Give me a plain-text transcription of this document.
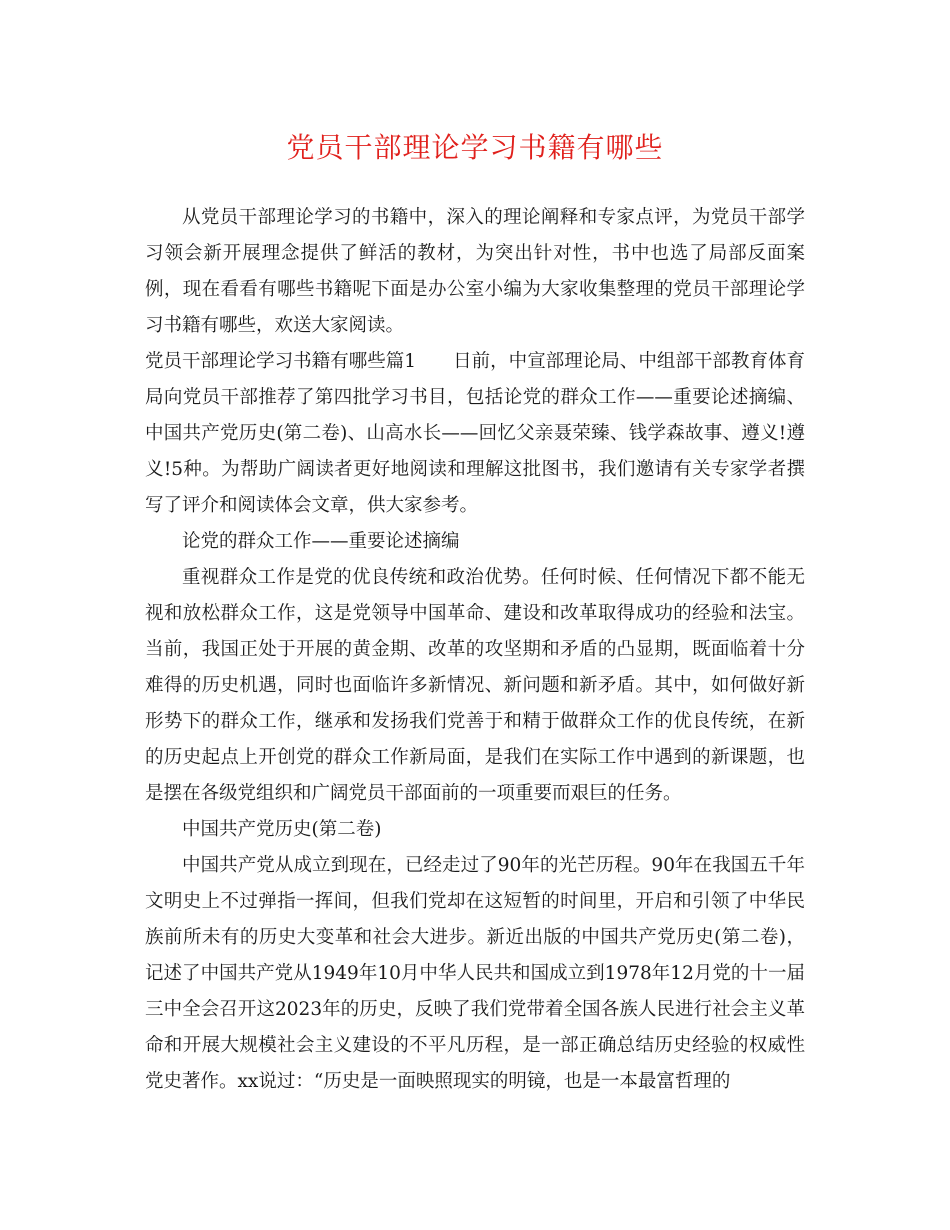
党员干部理论学习书籍有哪些

从党员干部理论学习的书籍中，深入的理论阐释和专家点评，为党员干部学习领会新开展理念提供了鲜活的教材，为突出针对性，书中也选了局部反面案例，现在看看有哪些书籍呢下面是办公室小编为大家收集整理的党员干部理论学习书籍有哪些，欢送大家阅读。

党员干部理论学习书籍有哪些篇1　　日前，中宣部理论局、中组部干部教育体育局向党员干部推荐了第四批学习书目，包括论党的群众工作——重要论述摘编、中国共产党历史(第二卷)、山高水长——回忆父亲聂荣臻、钱学森故事、遵义!遵义!5种。为帮助广阔读者更好地阅读和理解这批图书，我们邀请有关专家学者撰写了评介和阅读体会文章，供大家参考。

论党的群众工作——重要论述摘编

重视群众工作是党的优良传统和政治优势。任何时候、任何情况下都不能无视和放松群众工作，这是党领导中国革命、建设和改革取得成功的经验和法宝。当前，我国正处于开展的黄金期、改革的攻坚期和矛盾的凸显期，既面临着十分难得的历史机遇，同时也面临许多新情况、新问题和新矛盾。其中，如何做好新形势下的群众工作，继承和发扬我们党善于和精于做群众工作的优良传统，在新的历史起点上开创党的群众工作新局面，是我们在实际工作中遇到的新课题，也是摆在各级党组织和广阔党员干部面前的一项重要而艰巨的任务。

中国共产党历史(第二卷)

中国共产党从成立到现在，已经走过了90年的光芒历程。90年在我国五千年文明史上不过弹指一挥间，但我们党却在这短暂的时间里，开启和引领了中华民族前所未有的历史大变革和社会大进步。新近出版的中国共产党历史(第二卷)，记述了中国共产党从1949年10月中华人民共和国成立到1978年12月党的十一届三中全会召开这2023年的历史，反映了我们党带着全国各族人民进行社会主义革命和开展大规模社会主义建设的不平凡历程，是一部正确总结历史经验的权威性党史著作。xx说过：“历史是一面映照现实的明镜，也是一本最富哲理的
